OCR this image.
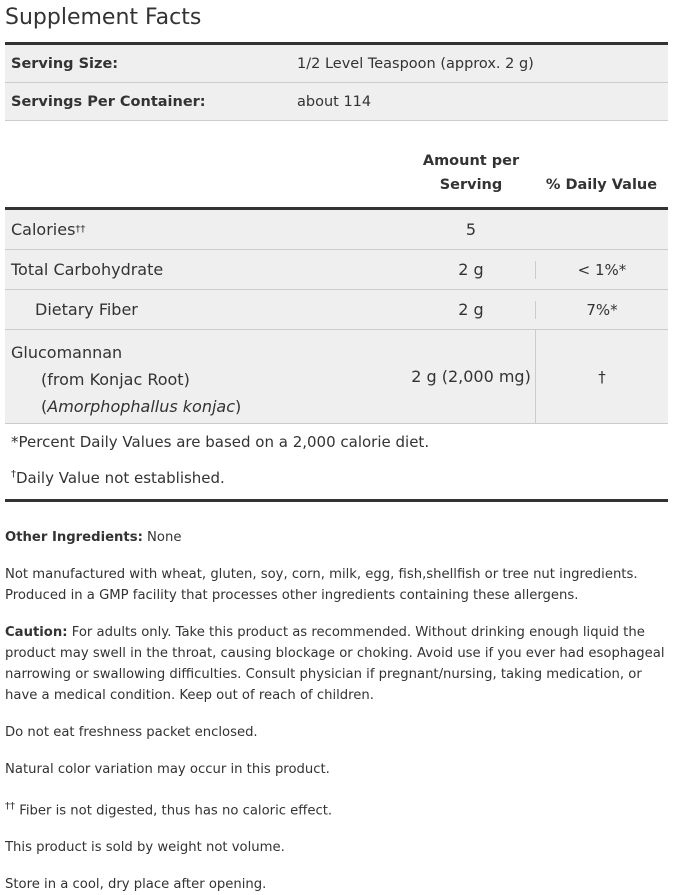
Supplement Facts
Serving Size:	1/2 Level Teaspoon (approx. 2 g)
Servings Per Container:	about 114
Amount per
Serving	% Daily Value
Calories ††	5
Total Carbohydrate	2 g	< 1%*
Dietary Fiber	2 g	7%*
Glucomannan
(from Konjac Root)
(Amorphophallus konjac)
2 g (2,000 mg)	†

*Percent Daily Values are based on a 2,000 calorie diet.

†Daily Value not established.

Other Ingredients: None

Not manufactured with wheat, gluten, soy, corn, milk, egg, fish,shellfish or tree nut ingredients. Produced in a GMP facility that processes other ingredients containing these allergens.

Caution: For adults only. Take this product as recommended. Without drinking enough liquid the product may swell in the throat, causing blockage or choking. Avoid use if you ever had esophageal narrowing or swallowing difficulties. Consult physician if pregnant/nursing, taking medication, or have a medical condition. Keep out of reach of children.

Do not eat freshness packet enclosed.

Natural color variation may occur in this product.

†† Fiber is not digested, thus has no caloric effect.

This product is sold by weight not volume.

Store in a cool, dry place after opening.
